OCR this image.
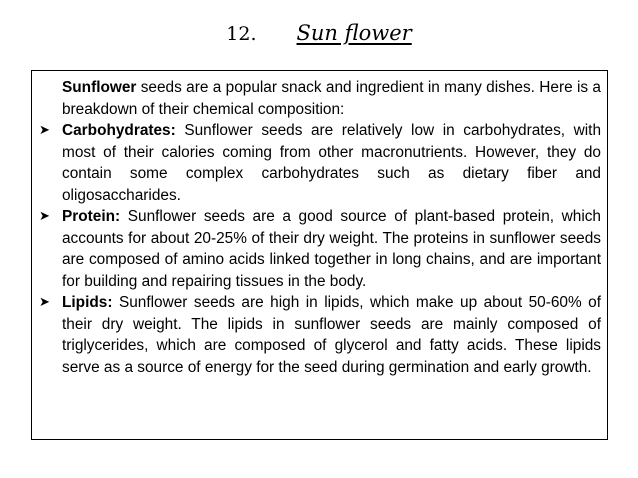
12. Sun flower

Sunflower seeds are a popular snack and ingredient in many dishes. Here is a breakdown of their chemical composition:

➤ Carbohydrates: Sunflower seeds are relatively low in carbohydrates, with most of their calories coming from other macronutrients. However, they do contain some complex carbohydrates such as dietary fiber and oligosaccharides.

➤ Protein: Sunflower seeds are a good source of plant-based protein, which accounts for about 20-25% of their dry weight. The proteins in sunflower seeds are composed of amino acids linked together in long chains, and are important for building and repairing tissues in the body.

➤ Lipids: Sunflower seeds are high in lipids, which make up about 50-60% of their dry weight. The lipids in sunflower seeds are mainly composed of triglycerides, which are composed of glycerol and fatty acids. These lipids serve as a source of energy for the seed during germination and early growth.
